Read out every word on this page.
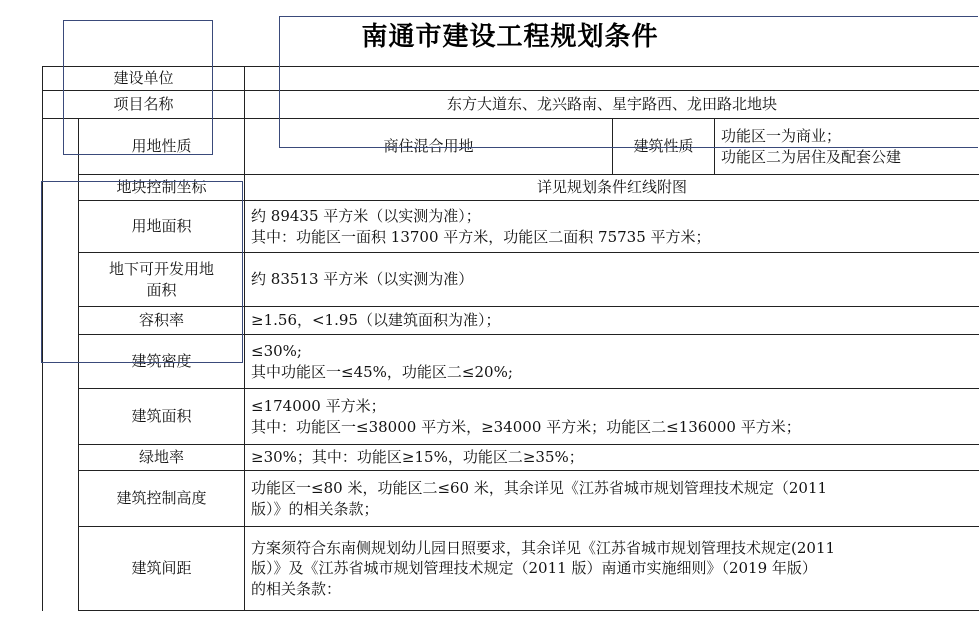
南通市建设工程规划条件
建设单位				
项目名称		东方大道东、龙兴路南、星宇路西、龙田路北地块		
	用地性质	商住混合用地	建筑性质	功能区一为商业；
功能区二为居住及配套公建

	地块控制坐标	详见规划条件红线附图		
	用地面积	约 89435 平方米（以实测为准）；
其中：功能区一面积 13700 平方米，功能区二面积 75735 平方米；		

	地下可开发用地
面积	约 83513 平方米（以实测为准）		
	容积率	≥1.56，<1.95（以建筑面积为准）；		
	建筑密度	≤30%;
其中功能区一≤45%，功能区二≤20%;		

	建筑面积	≤174000 平方米；
其中：功能区一≤38000 平方米，≥34000 平方米；功能区二≤136000 平方米；		

	绿地率	≥30%；其中：功能区≥15%，功能区二≥35%；		
	建筑控制高度	功能区一≤80 米，功能区二≤60 米，其余详见《江苏省城市规划管理技术规定（2011
版）》的相关条款；		

	建筑间距	方案须符合东南侧规划幼儿园日照要求，其余详见《江苏省城市规划管理技术规定(2011
版）》及《江苏省城市规划管理技术规定（2011 版）南通市实施细则》（2019 年版）
的相关条款：		
